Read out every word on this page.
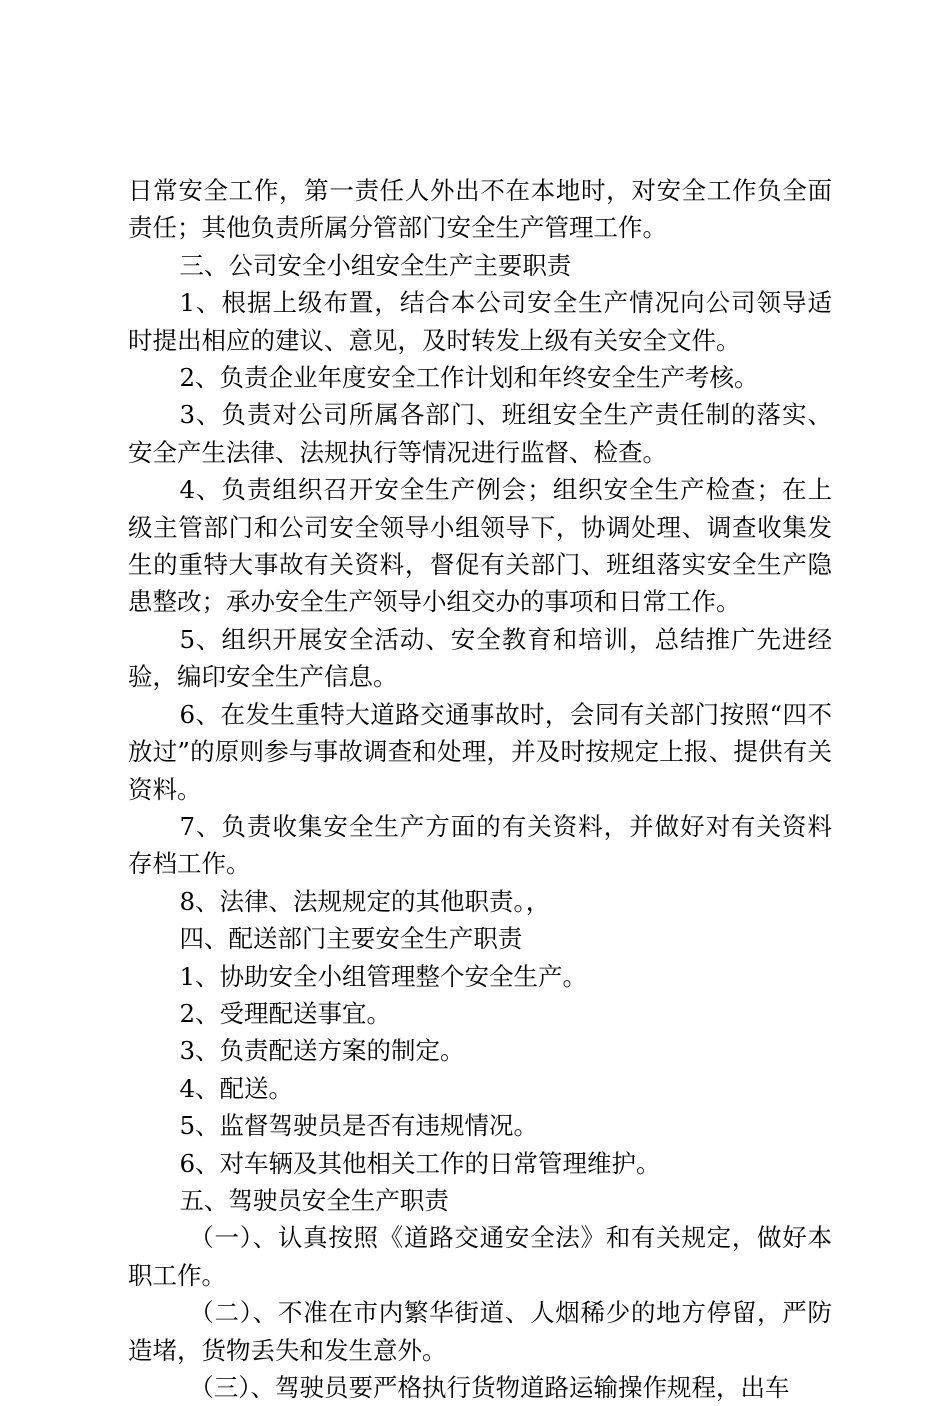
日常安全工作，第一责任人外出不在本地时，对安全工作负全面责任；其他负责所属分管部门安全生产管理工作。

三、公司安全小组安全生产主要职责

1、根据上级布置，结合本公司安全生产情况向公司领导适时提出相应的建议、意见，及时转发上级有关安全文件。

2、负责企业年度安全工作计划和年终安全生产考核。

3、负责对公司所属各部门、班组安全生产责任制的落实、安全产生法律、法规执行等情况进行监督、检查。

4、负责组织召开安全生产例会；组织安全生产检查；在上级主管部门和公司安全领导小组领导下，协调处理、调查收集发生的重特大事故有关资料，督促有关部门、班组落实安全生产隐患整改；承办安全生产领导小组交办的事项和日常工作。

5、组织开展安全活动、安全教育和培训，总结推广先进经验，编印安全生产信息。

6、在发生重特大道路交通事故时，会同有关部门按照“四不放过”的原则参与事故调查和处理，并及时按规定上报、提供有关资料。

7、负责收集安全生产方面的有关资料，并做好对有关资料存档工作。

8、法律、法规规定的其他职责。，

四、配送部门主要安全生产职责

1、协助安全小组管理整个安全生产。

2、受理配送事宜。

3、负责配送方案的制定。

4、配送。

5、监督驾驶员是否有违规情况。

6、对车辆及其他相关工作的日常管理维护。

五、驾驶员安全生产职责

（一）、认真按照《道路交通安全法》和有关规定，做好本职工作。

（二）、不准在市内繁华街道、人烟稀少的地方停留，严防造堵，货物丢失和发生意外。

（三）、驾驶员要严格执行货物道路运输操作规程，出车
